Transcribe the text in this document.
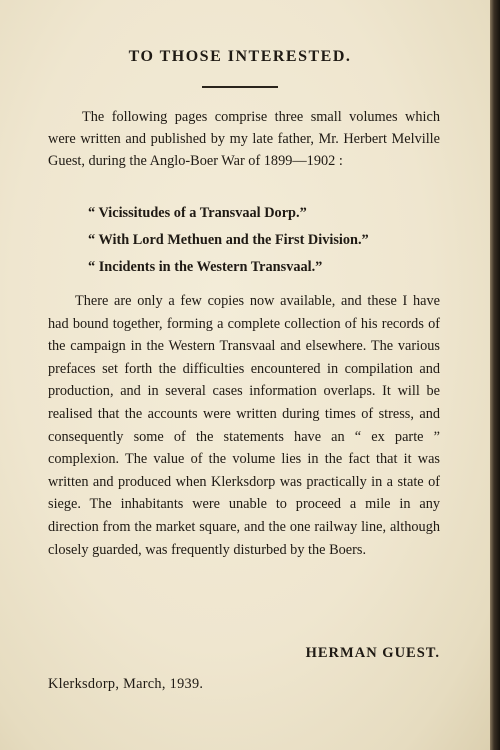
TO THOSE INTERESTED.

The following pages comprise three small volumes which were written and published by my late father, Mr. Herbert Melville Guest, during the Anglo-Boer War of 1899—1902 :

“ Vicissitudes of a Transvaal Dorp.”
“ With Lord Methuen and the First Division.”
“ Incidents in the Western Transvaal.”

There are only a few copies now available, and these I have had bound together, forming a complete collection of his records of the campaign in the Western Transvaal and elsewhere. The various prefaces set forth the difficulties encountered in compilation and production, and in several cases information overlaps. It will be realised that the accounts were written during times of stress, and consequently some of the statements have an “ ex parte ” complexion. The value of the volume lies in the fact that it was written and produced when Klerksdorp was practically in a state of siege. The inhabitants were unable to proceed a mile in any direction from the market square, and the one railway line, although closely guarded, was frequently disturbed by the Boers.

HERMAN GUEST.

Klerksdorp, March, 1939.
